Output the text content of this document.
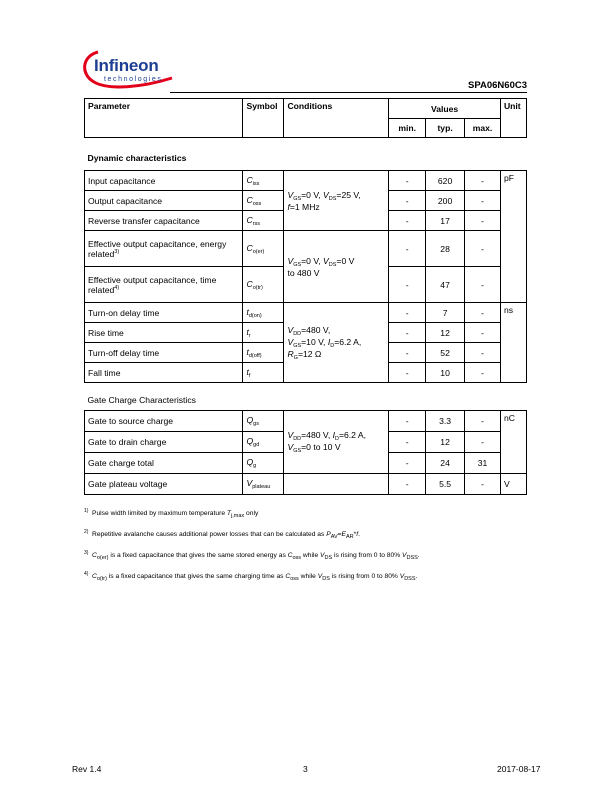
Infineon
technologies
SPA06N60C3
Parameter	Symbol	Conditions	Values			Unit
			min.	typ.	max.	

Dynamic characteristics						
Input capacitance	$C_{iss}$	$V_{GS}=0$ V, $V_{DS}=25$ V,
f=1 MHz	-	620	-	pF
Output capacitance	$C_{oss}$		-	200	-	
Reverse transfer capacitance	$C_{rss}$		-	17	-	
Effective output capacitance, energy related$^{3)}$	$C_{o(er)}$	$V_{GS}=0$ V, $V_{DS}=0$ V
to 480 V	-	28	-	
Effective output capacitance, time related$^{4)}$	$C_{o(tr)}$		-	47	-	
Turn-on delay time	$t_{d(on)}$	$V_{DD}=480$ V,
$V_{GS}=10$ V, $I_D=6.2$ A,
$R_G=12$ Ω	-	7	-	ns
Rise time	$t_r$		-	12	-	
Turn-off delay time	$t_{d(off)}$		-	52	-	
Fall time	$t_f$		-	10	-	

Gate Charge Characteristics						
Gate to source charge	$Q_{gs}$	$V_{DD}=480$ V, $I_D=6.2$ A,
$V_{GS}=0$ to 10 V	-	3.3	-	nC
Gate to drain charge	$Q_{gd}$		-	12	-	
Gate charge total	$Q_g$		-	24	31	
Gate plateau voltage	$V_{plateau}$		-	5.5	-	V
1) Pulse width limited by maximum temperature $T_{j,max}$ only
2) Repetitive avalanche causes additional power losses that can be calculated as $P_{AV}=E_{AR}*f$.
3) $C_{o(er)}$ is a fixed capacitance that gives the same stored energy as $C_{oss}$ while $V_{DS}$ is rising from 0 to 80% $V_{DSS}$.
4) $C_{o(tr)}$ is a fixed capacitance that gives the same charging time as $C_{oss}$ while $V_{DS}$ is rising from 0 to 80% $V_{DSS}$.
Rev 1.4	3	2017-08-17
